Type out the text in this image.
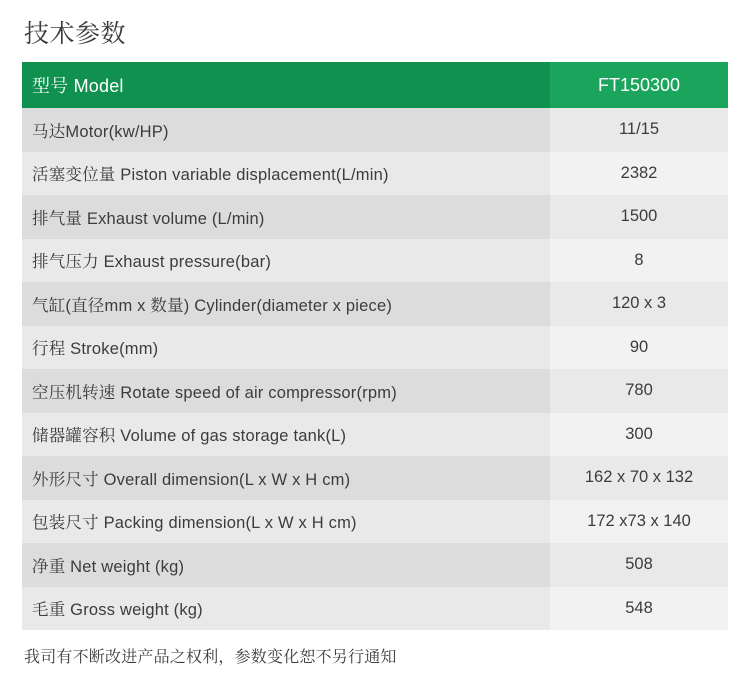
技术参数
型号 Model	FT150300
马达Motor(kw/HP)	11/15
活塞变位量 Piston variable displacement(L/min)	2382
排气量 Exhaust volume (L/min)	1500
排气压力 Exhaust pressure(bar)	8
气缸(直径mm x 数量) Cylinder(diameter x piece)	120 x 3
行程 Stroke(mm)	90
空压机转速 Rotate speed of air compressor(rpm)	780
储器罐容积 Volume of gas storage tank(L)	300
外形尺寸 Overall dimension(L x W x H cm)	162 x 70 x 132
包装尺寸 Packing dimension(L x W x H cm)	172 x73 x 140
净重 Net weight (kg)	508
毛重 Gross weight (kg)	548
我司有不断改进产品之权利，参数变化恕不另行通知
